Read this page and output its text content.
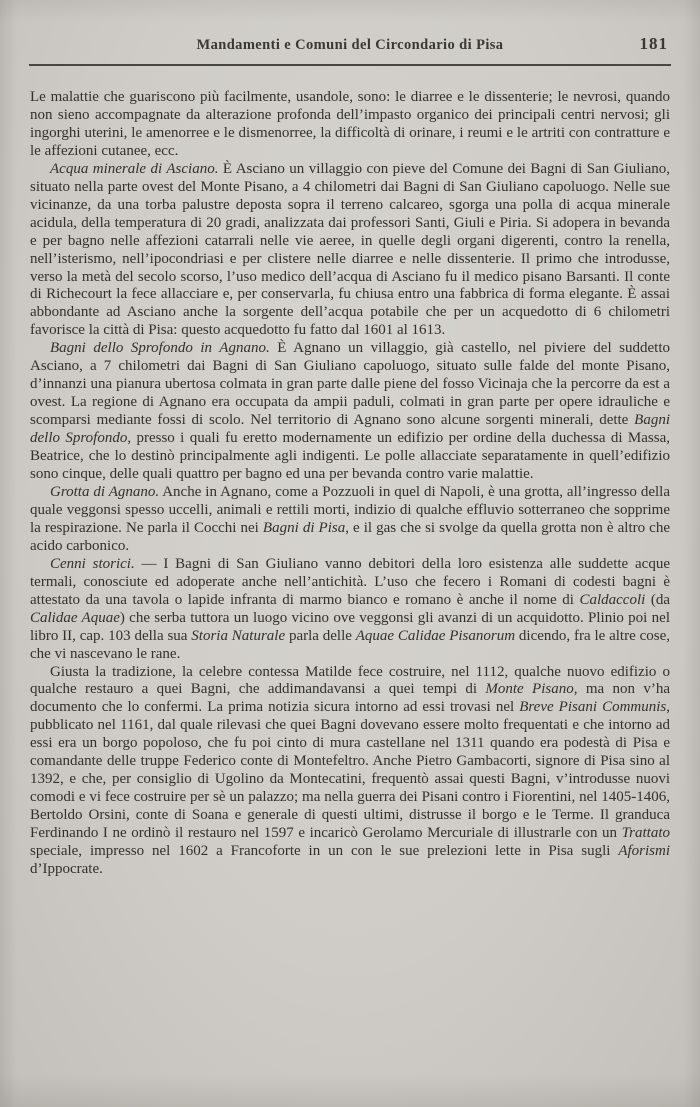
Mandamenti e Comuni del Circondario di Pisa	181

Le malattie che guariscono più facilmente, usandole, sono: le diarree e le dissenterie; le nevrosi, quando non sieno accompagnate da alterazione profonda dell’impasto organico dei principali centri nervosi; gli ingorghi uterini, le amenorree e le dismenorree, la difficoltà di orinare, i reumi e le artriti con contratture e le affezioni cutanee, ecc.

Acqua minerale di Asciano. È Asciano un villaggio con pieve del Comune dei Bagni di San Giuliano, situato nella parte ovest del Monte Pisano, a 4 chilometri dai Bagni di San Giuliano capoluogo. Nelle sue vicinanze, da una torba palustre deposta sopra il terreno calcareo, sgorga una polla di acqua minerale acidula, della temperatura di 20 gradi, analizzata dai professori Santi, Giuli e Piria. Si adopera in bevanda e per bagno nelle affezioni catarrali nelle vie aeree, in quelle degli organi digerenti, contro la renella, nell’isterismo, nell’ipocondriasi e per clistere nelle diarree e nelle dissenterie. Il primo che introdusse, verso la metà del secolo scorso, l’uso medico dell’acqua di Asciano fu il medico pisano Barsanti. Il conte di Richecourt la fece allacciare e, per conservarla, fu chiusa entro una fabbrica di forma elegante. È assai abbondante ad Asciano anche la sorgente dell’acqua potabile che per un acquedotto di 6 chilometri favorisce la città di Pisa: questo acquedotto fu fatto dal 1601 al 1613.

Bagni dello Sprofondo in Agnano. È Agnano un villaggio, già castello, nel piviere del suddetto Asciano, a 7 chilometri dai Bagni di San Giuliano capoluogo, situato sulle falde del monte Pisano, d’innanzi una pianura ubertosa colmata in gran parte dalle piene del fosso Vicinaja che la percorre da est a ovest. La regione di Agnano era occupata da ampii paduli, colmati in gran parte per opere idrauliche e scomparsi mediante fossi di scolo. Nel territorio di Agnano sono alcune sorgenti minerali, dette Bagni dello Sprofondo, presso i quali fu eretto modernamente un edifizio per ordine della duchessa di Massa, Beatrice, che lo destinò principalmente agli indigenti. Le polle allacciate separatamente in quell’edifizio sono cinque, delle quali quattro per bagno ed una per bevanda contro varie malattie.

Grotta di Agnano. Anche in Agnano, come a Pozzuoli in quel di Napoli, è una grotta, all’ingresso della quale veggonsi spesso uccelli, animali e rettili morti, indizio di qualche effluvio sotterraneo che sopprime la respirazione. Ne parla il Cocchi nei Bagni di Pisa, e il gas che si svolge da quella grotta non è altro che acido carbonico.

Cenni storici. — I Bagni di San Giuliano vanno debitori della loro esistenza alle suddette acque termali, conosciute ed adoperate anche nell’antichità. L’uso che fecero i Romani di codesti bagni è attestato da una tavola o lapide infranta di marmo bianco e romano è anche il nome di Caldaccoli (da Calidae Aquae) che serba tuttora un luogo vicino ove veggonsi gli avanzi di un acquidotto. Plinio poi nel libro II, cap. 103 della sua Storia Naturale parla delle Aquae Calidae Pisanorum dicendo, fra le altre cose, che vi nascevano le rane.

Giusta la tradizione, la celebre contessa Matilde fece costruire, nel 1112, qualche nuovo edifizio o qualche restauro a quei Bagni, che addimandavansi a quei tempi di Monte Pisano, ma non v’ha documento che lo confermi. La prima notizia sicura intorno ad essi trovasi nel Breve Pisani Communis, pubblicato nel 1161, dal quale rilevasi che quei Bagni dovevano essere molto frequentati e che intorno ad essi era un borgo popoloso, che fu poi cinto di mura castellane nel 1311 quando era podestà di Pisa e comandante delle truppe Federico conte di Montefeltro. Anche Pietro Gambacorti, signore di Pisa sino al 1392, e che, per consiglio di Ugolino da Montecatini, frequentò assai questi Bagni, v’introdusse nuovi comodi e vi fece costruire per sè un palazzo; ma nella guerra dei Pisani contro i Fiorentini, nel 1405-1406, Bertoldo Orsini, conte di Soana e generale di questi ultimi, distrusse il borgo e le Terme. Il granduca Ferdinando I ne ordinò il restauro nel 1597 e incaricò Gerolamo Mercuriale di illustrarle con un Trattato speciale, impresso nel 1602 a Francoforte in un con le sue prelezioni lette in Pisa sugli Aforismi d’Ippocrate.
